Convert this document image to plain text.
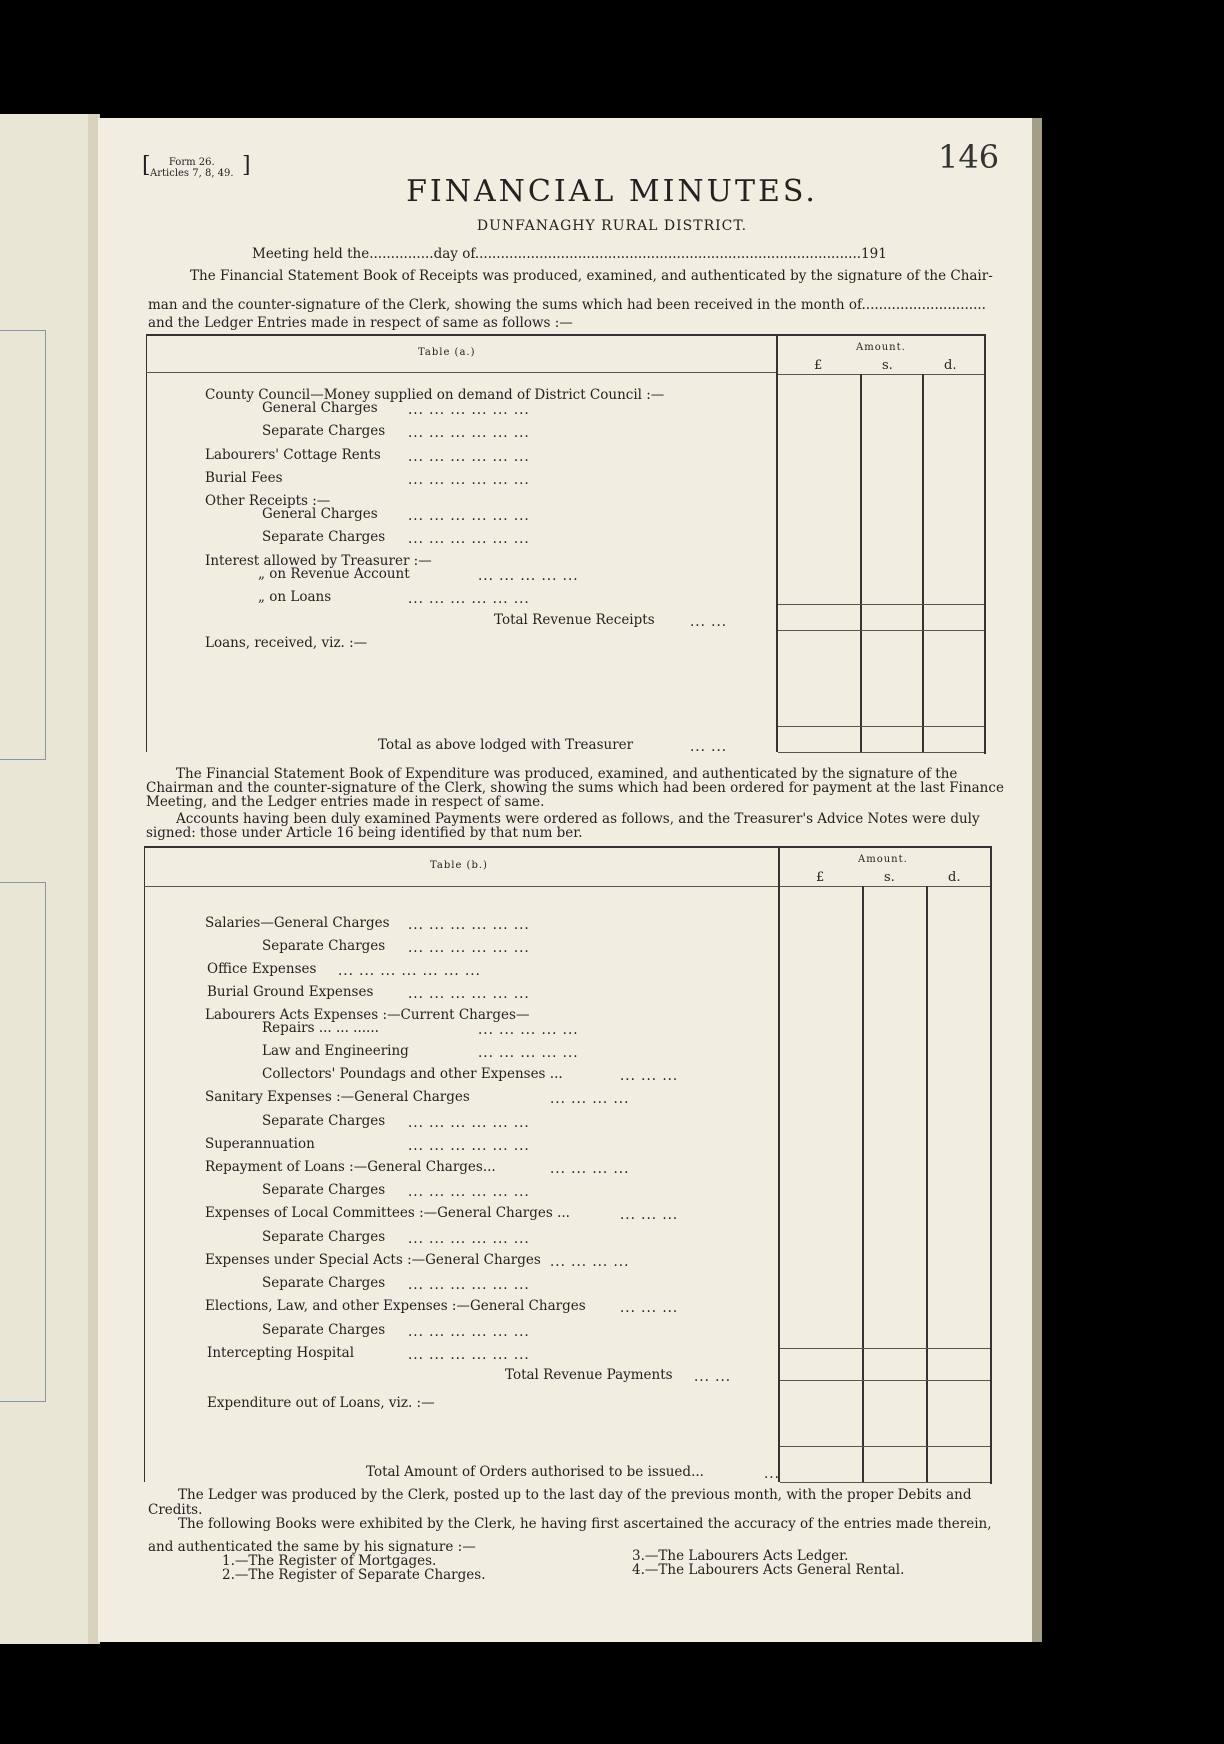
[	Form 26.
Articles 7, 8, 49. ]	146
FINANCIAL MINUTES.
DUNFANAGHY RURAL DISTRICT.
Meeting held the...............day of..........................................................................................191
The Financial Statement Book of Receipts was produced, examined, and authenticated by the signature of the Chair-
man and the counter-signature of the Clerk, showing the sums which had been received in the month of.............................
and the Ledger Entries made in respect of same as follows :—
Table (a.)	Amount.
£	s.	d.
County Council—Money supplied on demand of District Council :—
General Charges ... ... ... ... ... ...
Separate Charges ... ... ... ... ... ...
Labourers' Cottage Rents ... ... ... ... ... ...
Burial Fees	... ... ... ... ... ...
Other Receipts :—
General Charges ... ... ... ... ... ...
Separate Charges ... ... ... ... ... ...
Interest allowed by Treasurer :—
„ on Revenue Account	... ... ... ... ...
„ on Loans	... ... ... ... ... ...
Total Revenue Receipts	... ...
Loans, received, viz. :—
Total as above lodged with Treasurer	... ...
The Financial Statement Book of Expenditure was produced, examined, and authenticated by the signature of the
Chairman and the counter-signature of the Clerk, showing the sums which had been ordered for payment at the last Finance
Meeting, and the Ledger entries made in respect of same.
Accounts having been duly examined Payments were ordered as follows, and the Treasurer's Advice Notes were duly
signed: those under Article 16 being identified by that num ber.
Table (b.)
Amount.
£	s.	d.
Salaries—General Charges ... ... ... ... ... ...
Separate Charges ... ... ... ... ... ...
Office Expenses ... ... ... ... ... ... ...
Burial Ground Expenses	... ... ... ... ... ...
Labourers Acts Expenses :—Current Charges—
Repairs ... ... ......	... ... ... ... ...
Law and Engineering	... ... ... ... ...
Collectors' Poundags and other Expenses ...	... ... ...
Sanitary Expenses :—General Charges	... ... ... ...
Separate Charges ... ... ... ... ... ...
Superannuation	... ... ... ... ... ...
Repayment of Loans :—General Charges...	... ... ... ...
Separate Charges ... ... ... ... ... ...
Expenses of Local Committees :—General Charges ...	... ... ...
Separate Charges ... ... ... ... ... ...
Expenses under Special Acts :—General Charges ... ... ... ...
Separate Charges ... ... ... ... ... ...
Elections, Law, and other Expenses :—General Charges	... ... ...
Separate Charges ... ... ... ... ... ...
Intercepting Hospital	... ... ... ... ... ...
Total Revenue Payments ... ...
Expenditure out of Loans, viz. :—
Total Amount of Orders authorised to be issued...	...
The Ledger was produced by the Clerk, posted up to the last day of the previous month, with the proper Debits and
Credits.
The following Books were exhibited by the Clerk, he having first ascertained the accuracy of the entries made therein,
and authenticated the same by his signature :—
1.—The Register of Mortgages.
2.—The Register of Separate Charges.
3.—The Labourers Acts Ledger.
4.—The Labourers Acts General Rental.
